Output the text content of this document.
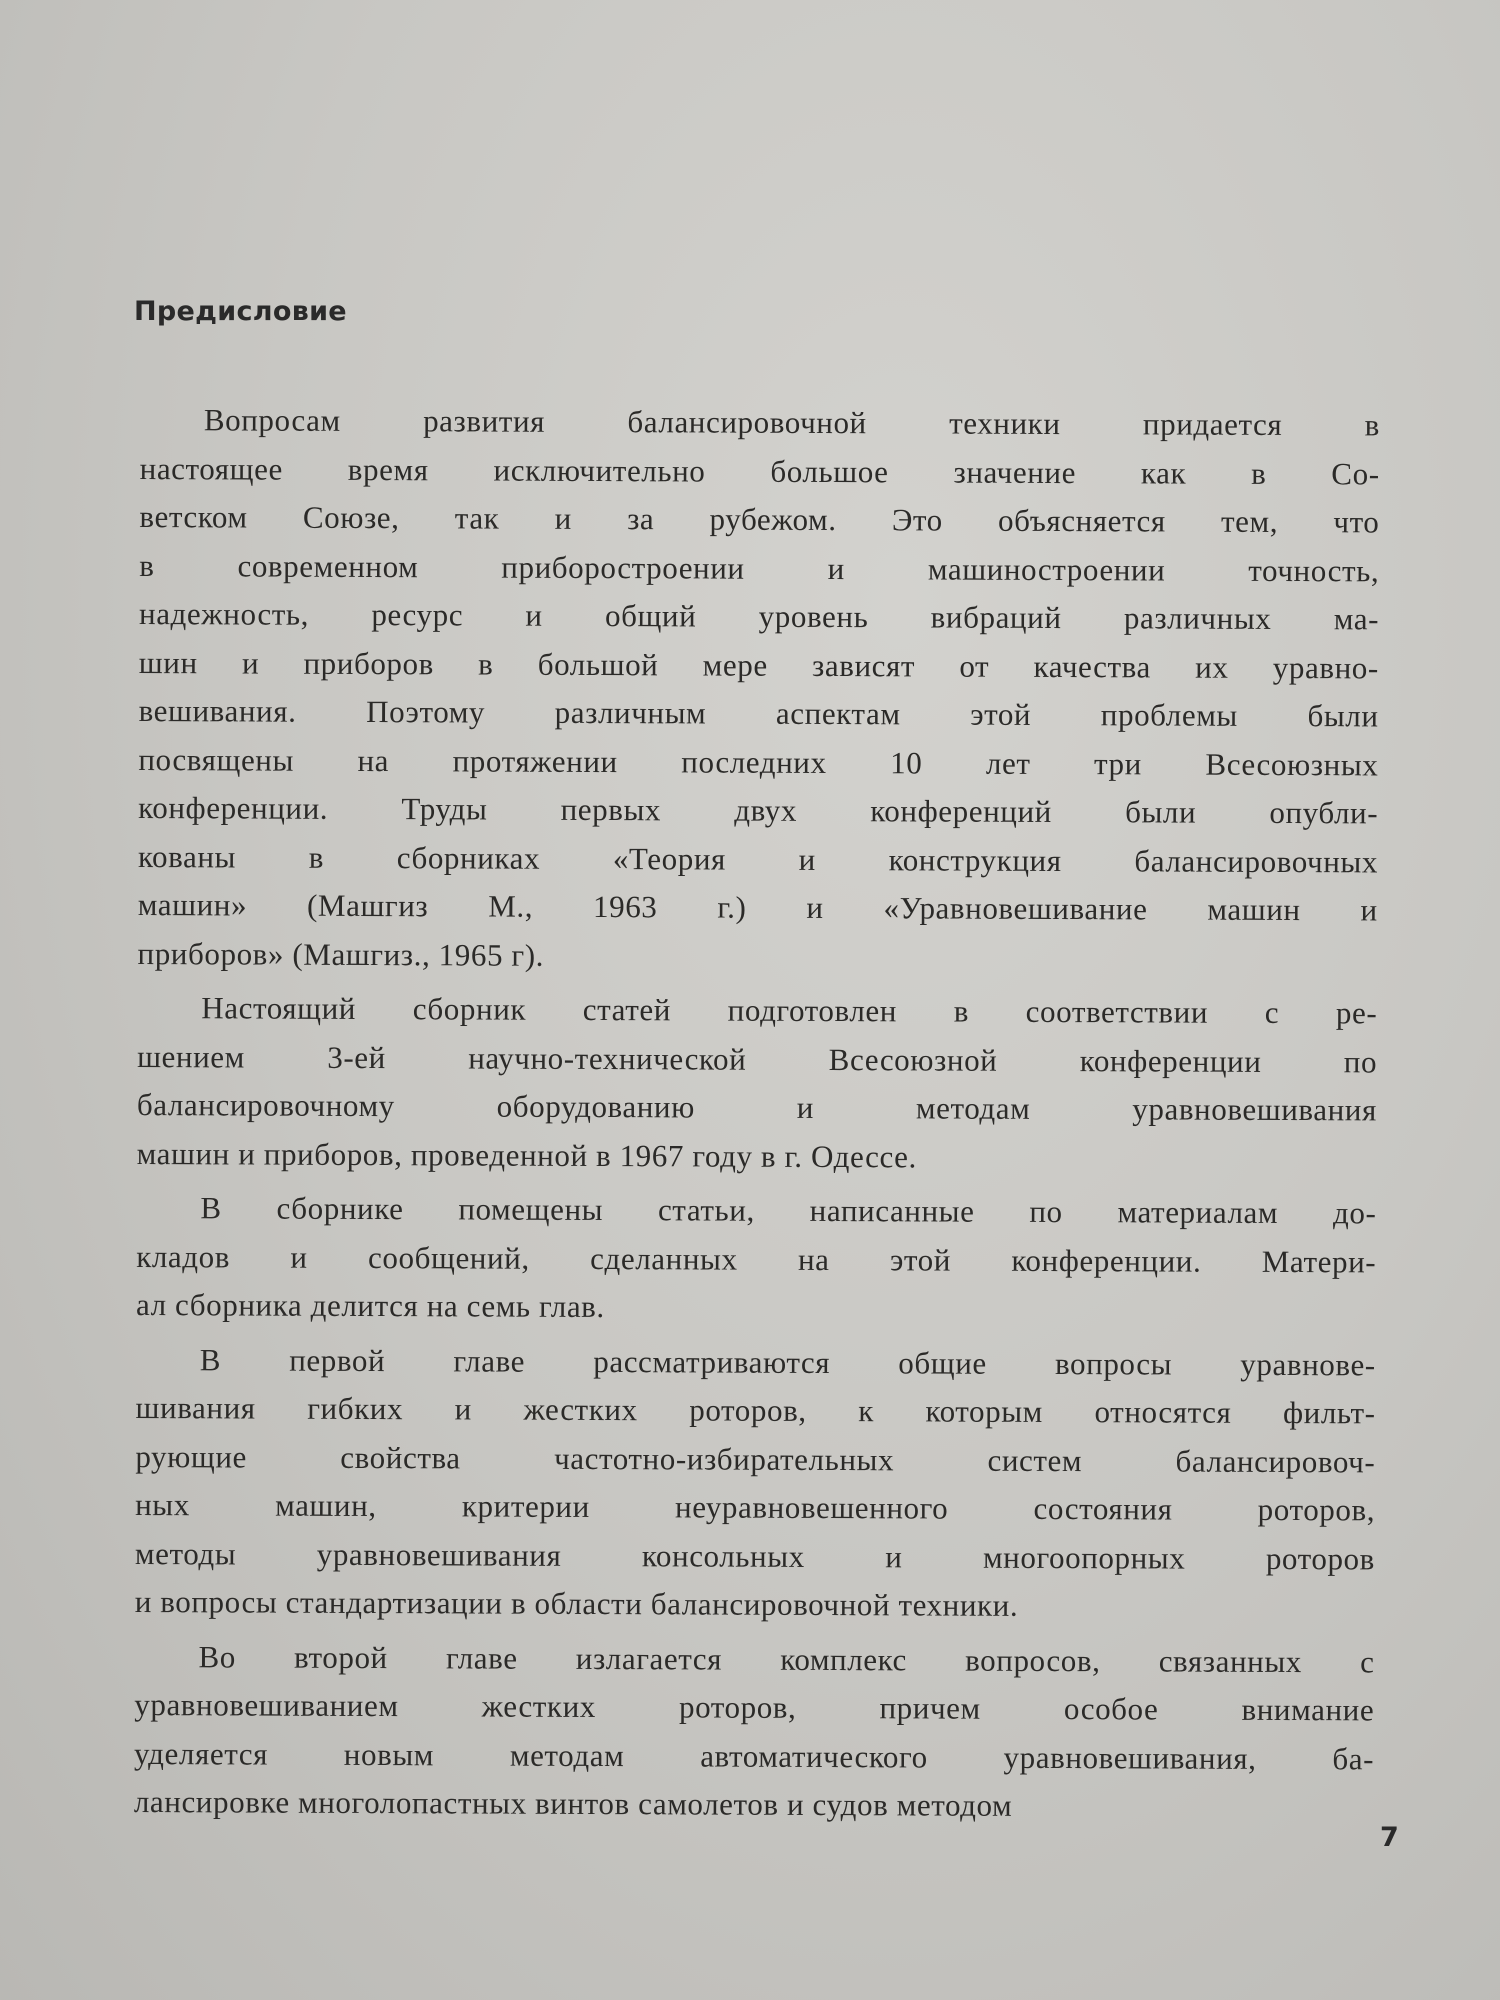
Предисловие
Вопросам развития балансировочной техники придается в
настоящее время исключительно большое значение как в Со-
ветском Союзе, так и за рубежом. Это объясняется тем, что
в современном приборостроении и машиностроении точность,
надежность, ресурс и общий уровень вибраций различных ма-
шин и приборов в большой мере зависят от качества их уравно-
вешивания. Поэтому различным аспектам этой проблемы были
посвящены на протяжении последних 10 лет три Всесоюзных
конференции. Труды первых двух конференций были опубли-
кованы в сборниках «Теория и конструкция балансировочных
машин» (Машгиз М., 1963 г.) и «Уравновешивание машин и
приборов» (Машгиз., 1965 г).
Настоящий сборник статей подготовлен в соответствии с ре-
шением 3-ей научно-технической Всесоюзной конференции по
балансировочному оборудованию и методам уравновешивания
машин и приборов, проведенной в 1967 году в г. Одессе.
В сборнике помещены статьи, написанные по материалам до-
кладов и сообщений, сделанных на этой конференции. Матери-
ал сборника делится на семь глав.
В первой главе рассматриваются общие вопросы уравнове-
шивания гибких и жестких роторов, к которым относятся фильт-
рующие свойства частотно-избирательных систем балансировоч-
ных машин, критерии неуравновешенного состояния роторов,
методы уравновешивания консольных и многоопорных роторов
и вопросы стандартизации в области балансировочной техники.
Во второй главе излагается комплекс вопросов, связанных с
уравновешиванием жестких роторов, причем особое внимание
уделяется новым методам автоматического уравновешивания, ба-
лансировке многолопастных винтов самолетов и судов методом
7
